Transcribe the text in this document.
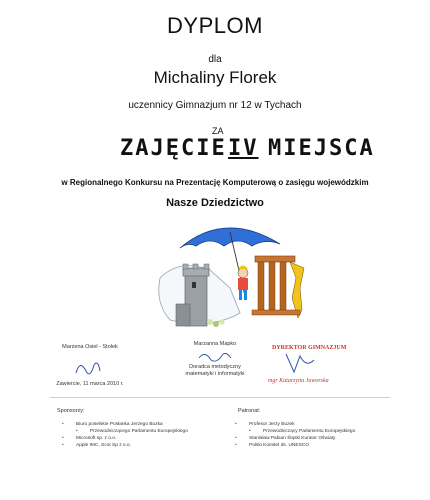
DYPLOM
dla
Michaliny Florek
uczennicy Gimnazjum nr 12 w Tychach
ZAJĘCIE
ZA
IV MIEJSCA
w Regionalnego Konkursu na Prezentację Komputerową o zasięgu wojewódzkim
Nasze Dziedzictwo
Marzena Osiel - Stolek
Zawiercie, 11 marca 2010 r.
Marzanna Mapko
Doradca metodyczny
matematyki i informatyki
DYREKTOR GIMNAZJUM
mgr Katarzyna Juworska
Sponsorzy:
• Biuro poselskie Posłanka Jerzego Buzka
• Przewodniczącego Parlamentu Europejskiego
• Microsoft sp. z o.o.
• Apple IMC, Scot Sp z o.o.
Patronat:
• Profesor Jerzy Buzek
• Przewodniczący Parlamentu Europejskiego
• Stanisław Pabian Śląski Kurator Oświaty
• Polski Komitet ds. UNESCO
